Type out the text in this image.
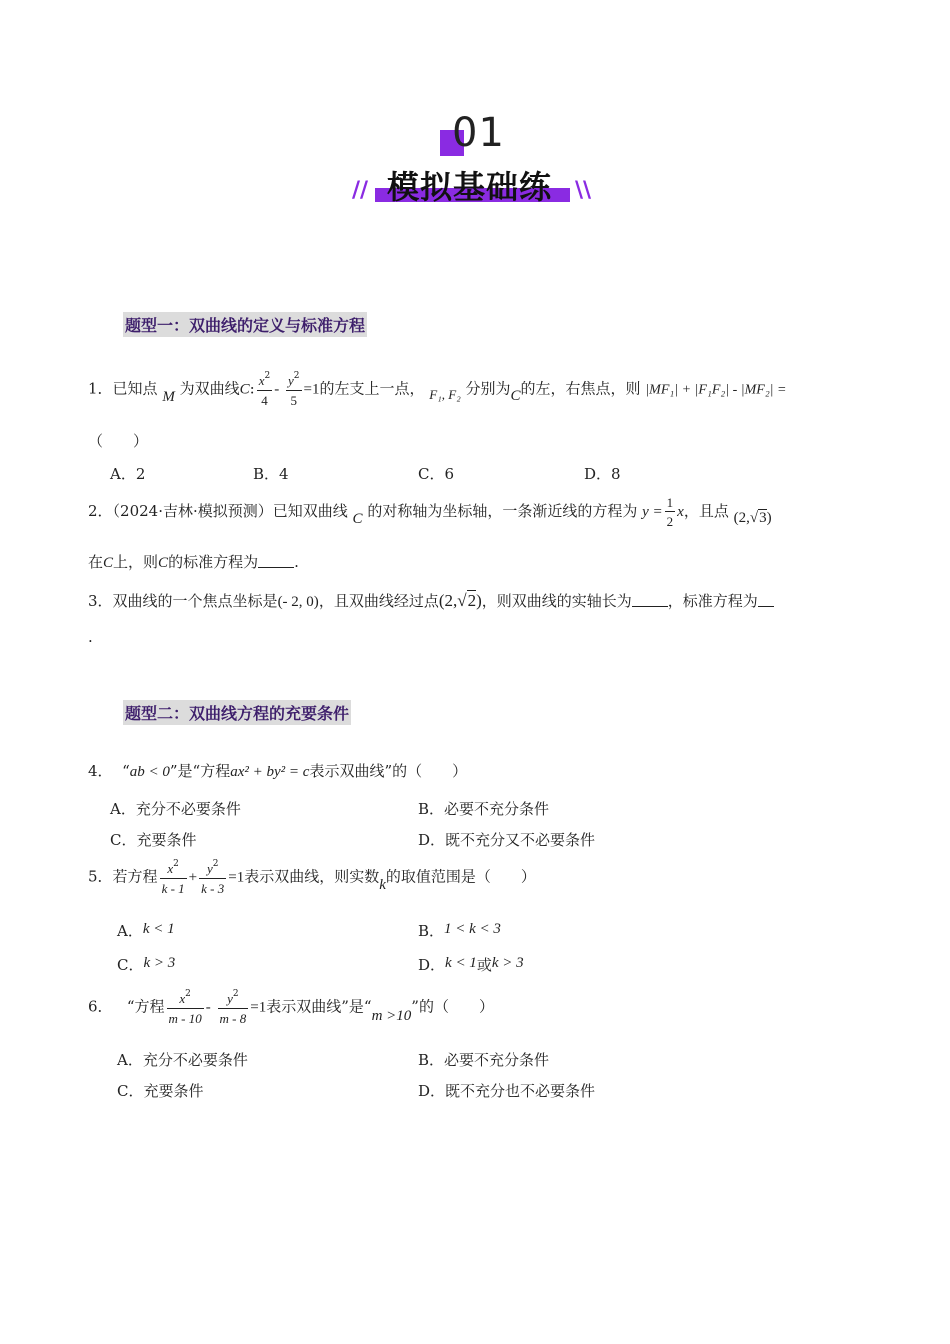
01
模拟基础练
//	\\
题型一：双曲线的定义与标准方程
1．已知点 M 为双曲线C: $\frac{x^2}{4} - \frac{y^2}{5} =1$的左支上一点， F₁, F₂ 分别为C的左，右焦点，则 |MF₁| + |F₁F₂| - |MF₂| =
（　　）
A．2	B．4	C．6	D．8
2．（2024·吉林·模拟预测）已知双曲线 C 的对称轴为坐标轴，一条渐近线的方程为 $y = \frac{1}{2}$ x，且点 (2,√3)
在C上，则C的标准方程为 .
3．双曲线的一个焦点坐标是(- 2, 0)，且双曲线经过点(2,√2)，则双曲线的实轴长为 ，标准方程为
.
题型二：双曲线方程的充要条件
4． “ab < 0”是“方程ax² + by² = c表示双曲线”的（　　）
A．充分不必要条件	B．必要不充分条件
C．充要条件	D．既不充分又不必要条件
5．若方程 $\frac{x^2}{k - 1} + \frac{y^2}{k - 3} =1$表示双曲线，则实数k的取值范围是（　　）
A．k < 1	B．1 < k < 3
C．k > 3	D．k < 1或k > 3
6． “方程 $\frac{x^2}{m - 10} - \frac{y^2}{m - 8} =1$表示双曲线”是“m >10”的（　　）
A．充分不必要条件	B．必要不充分条件
C．充要条件	D．既不充分也不必要条件
